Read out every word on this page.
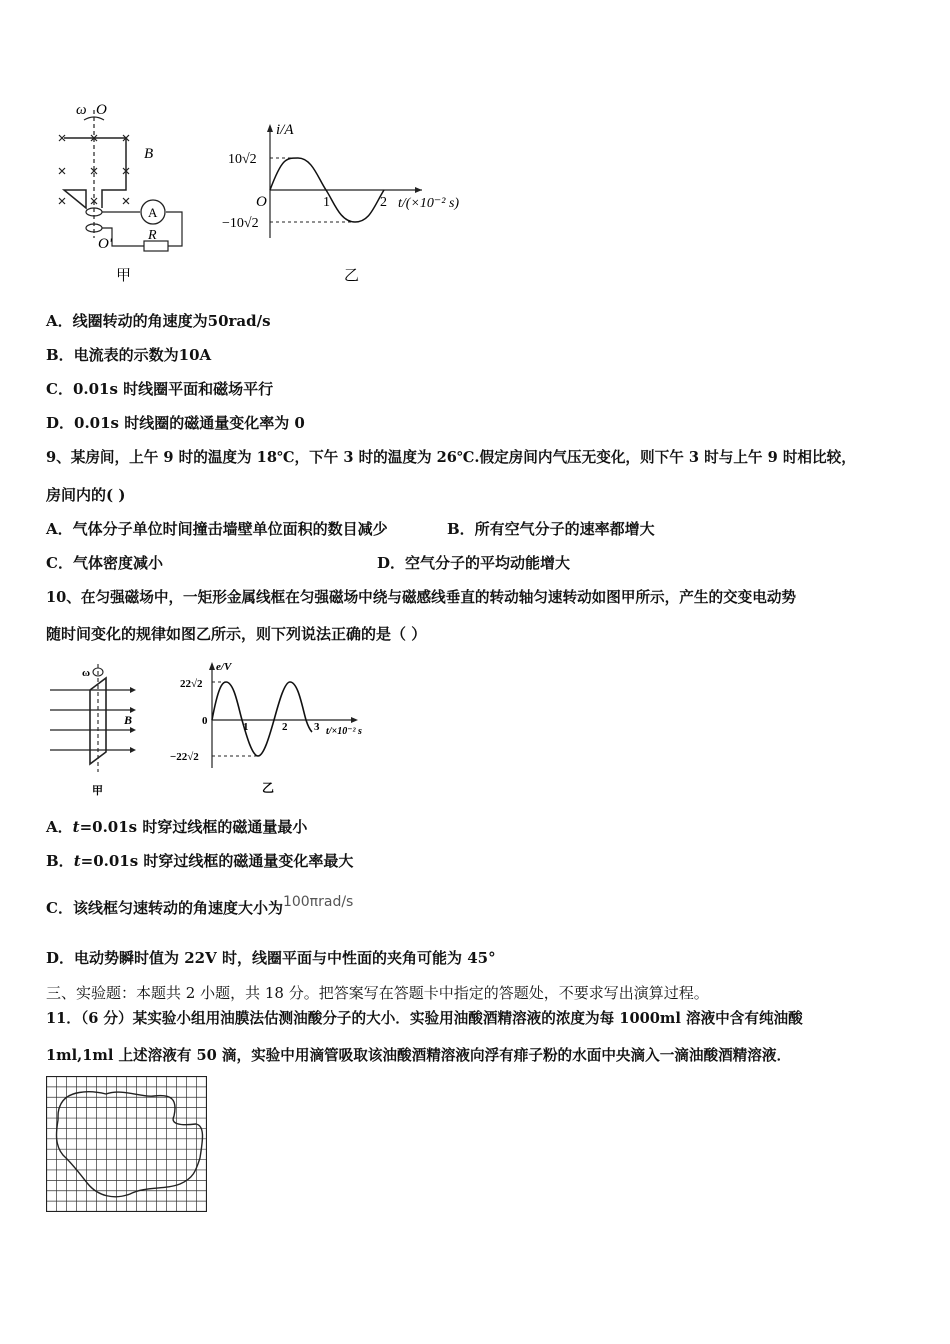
ω O
B
A
R
O'
甲
i/A
10√2
−10√2
O	1	2 t/(×10⁻² s)
乙
A．线圈转动的角速度为50rad/s
B．电流表的示数为10A
C．0.01s 时线圈平面和磁场平行
D．0.01s 时线圈的磁通量变化率为 0
9、某房间，上午 9 时的温度为 18℃，下午 3 时的温度为 26℃.假定房间内气压无变化，则下午 3 时与上午 9 时相比较，
房间内的( )
A．气体分子单位时间撞击墙壁单位面积的数目减少	B．所有空气分子的速率都增大
C．气体密度减小	D．空气分子的平均动能增大
10、在匀强磁场中，一矩形金属线框在匀强磁场中绕与磁感线垂直的转动轴匀速转动如图甲所示，产生的交变电动势
随时间变化的规律如图乙所示，则下列说法正确的是（ ）
ω
B
甲
e/V
22√2
−22√2
0	1	2 3 t/×10⁻² s
乙
A．t=0.01s 时穿过线框的磁通量最小
B．t=0.01s 时穿过线框的磁通量变化率最大
C．该线框匀速转动的角速度大小为100πrad/s
D．电动势瞬时值为 22V 时，线圈平面与中性面的夹角可能为 45°
三、实验题：本题共 2 小题，共 18 分。把答案写在答题卡中指定的答题处，不要求写出演算过程。
11．（6 分）某实验小组用油膜法估测油酸分子的大小．实验用油酸酒精溶液的浓度为每 1000ml 溶液中含有纯油酸
1ml,1ml 上述溶液有 50 滴，实验中用滴管吸取该油酸酒精溶液向浮有痱子粉的水面中央滴入一滴油酸酒精溶液．
